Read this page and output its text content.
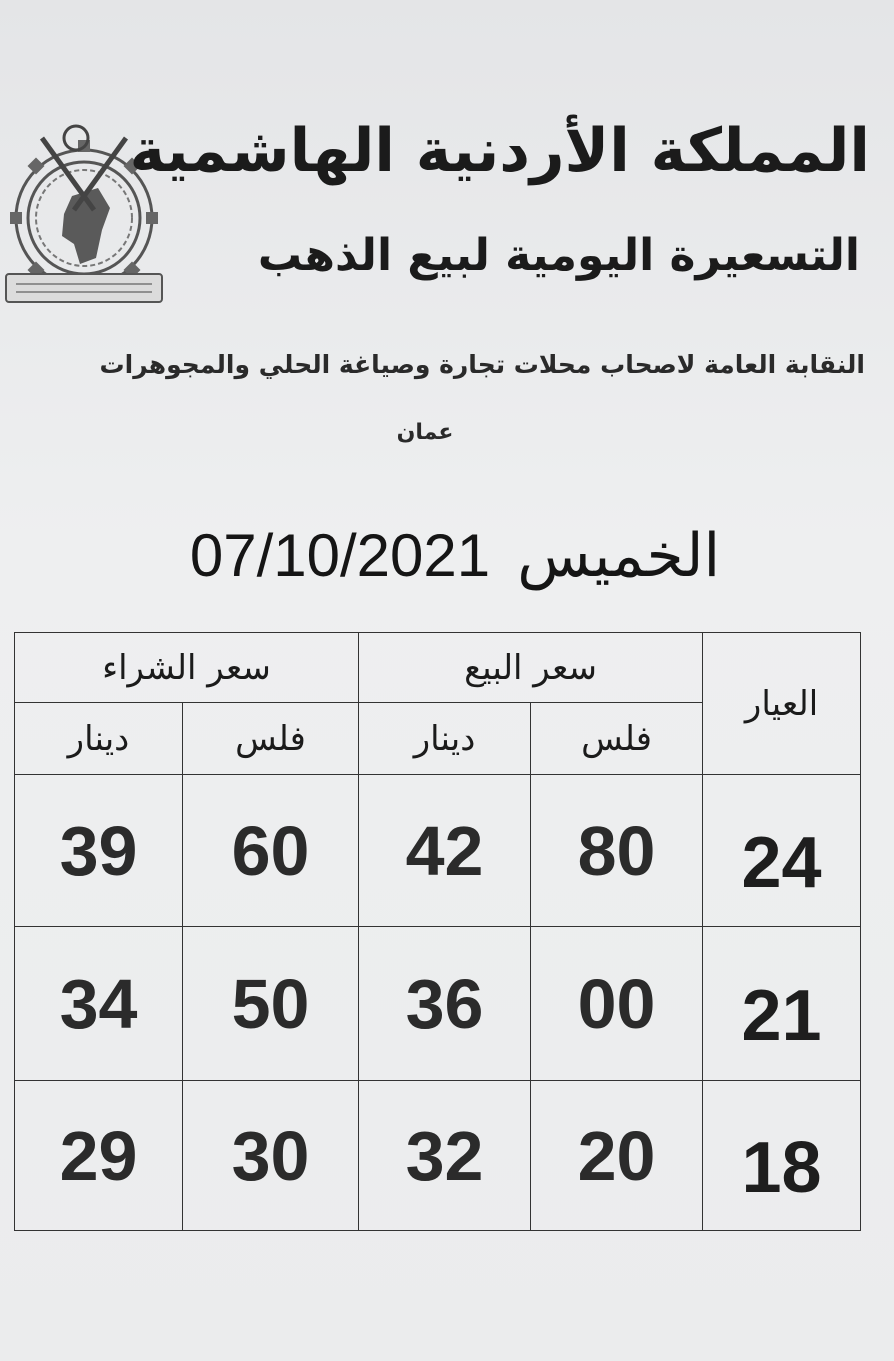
المملكة الأردنية الهاشمية
التسعيرة اليومية لبيع الذهب
النقابة العامة لاصحاب محلات تجارة وصياغة الحلي والمجوهرات
عمان
الخميس 07/10/2021
العيار	سعر البيع		سعر الشراء	
	فلس	دينار	فلس	دينار
24	80	42	60	39
21	00	36	50	34
18	20	32	30	29
